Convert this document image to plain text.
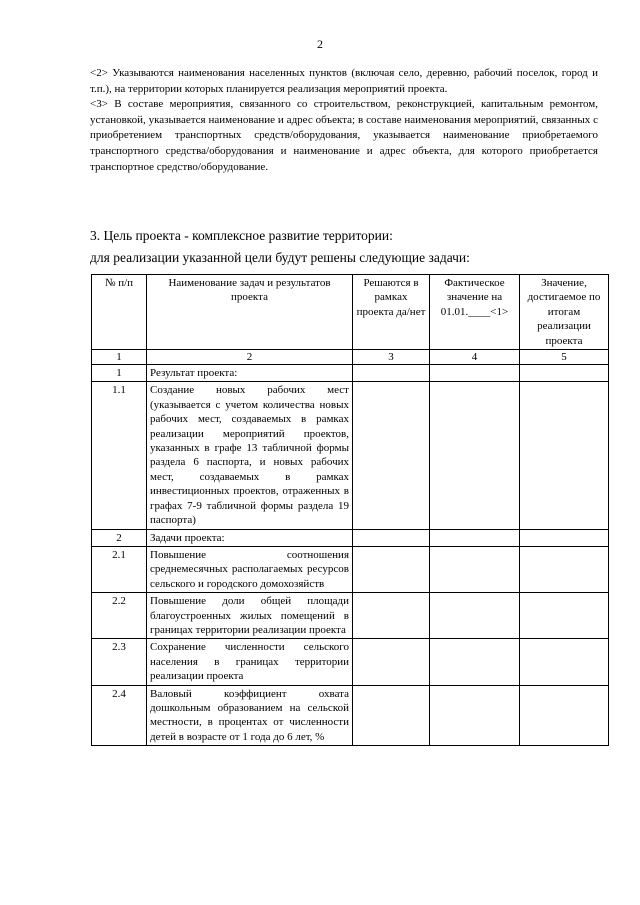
2

<2> Указываются наименования населенных пунктов (включая село, деревню, рабочий поселок, город и т.п.), на территории которых планируется реализация мероприятий проекта.

<3> В составе мероприятия, связанного со строительством, реконструкцией, капитальным ремонтом, установкой, указывается наименование и адрес объекта; в составе наименования мероприятий, связанных с приобретением транспортных средств/оборудования, указывается наименование приобретаемого транспортного средства/оборудования и наименование и адрес объекта, для которого приобретается транспортное средство/оборудование.

3. Цель проекта - комплексное развитие территории:
для реализации указанной цели будут решены следующие задачи:
№ п/п	Наименование задач и результатов проекта	Решаются в рамках проекта да/нет	Фактическое значение на 01.01.____<1>	Значение, достигаемое по итогам реализации проекта
1	2	3	4	5
1	Результат проекта:			
1.1	Создание новых рабочих мест (указывается с учетом количества новых рабочих мест, создаваемых в рамках реализации мероприятий проектов, указанных в графе 13 табличной формы раздела 6 паспорта, и новых рабочих мест, создаваемых в рамках инвестиционных проектов, отраженных в графах 7-9 табличной формы раздела 19 паспорта)			
2	Задачи проекта:			
2.1	Повышение соотношения среднемесячных располагаемых ресурсов сельского и городского домохозяйств			
2.2	Повышение доли общей площади благоустроенных жилых помещений в границах территории реализации проекта			
2.3	Сохранение численности сельского населения в границах территории реализации проекта			
2.4	Валовый коэффициент охвата дошкольным образованием на сельской местности, в процентах от численности детей в возрасте от 1 года до 6 лет, %			
